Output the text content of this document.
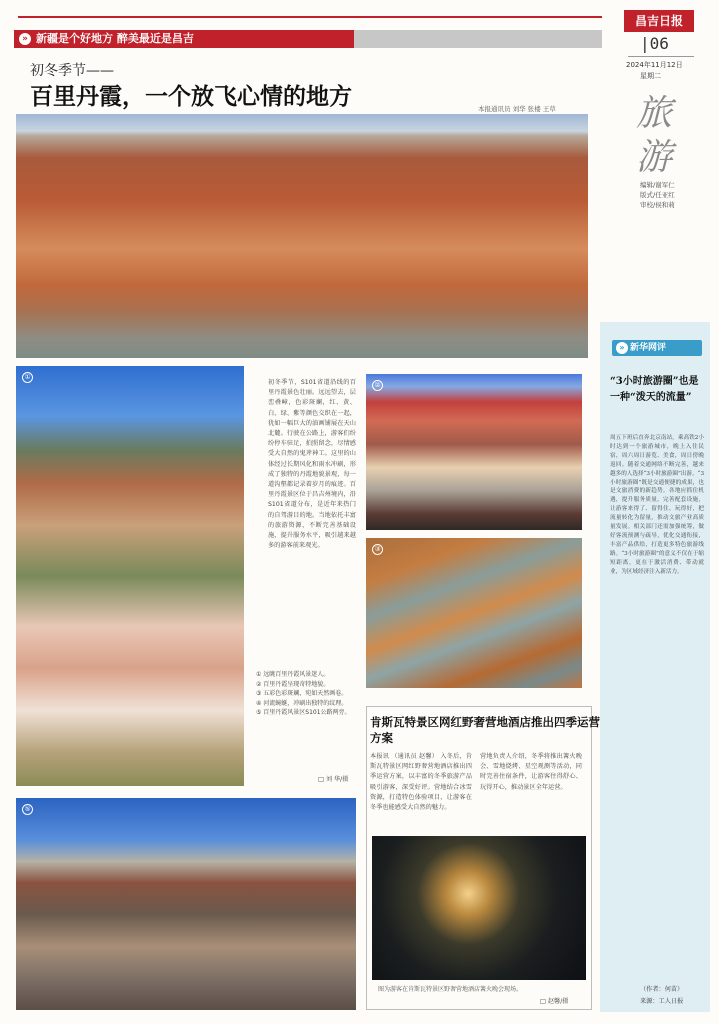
» 新疆是个好地方 醉美最近是昌吉
昌吉日报
|06
2024年11月12日
星期二
旅游
编辑/谢军仁
版式/任亚红
审校/侯和莉
初冬季节——
百里丹霞，一个放飞心情的地方	本报通讯员 刘华 张楼 王草
①
②
③
⑤
初冬季节，S101省道沿线的百里丹霞景色壮丽。远远望去，层峦叠嶂，色彩斑斓，红、黄、白、绿、紫等颜色交织在一起，犹如一幅巨大的油画铺展在天山北麓。行驶在公路上，游客们纷纷停车驻足，拍照留念，尽情感受大自然的鬼斧神工。这里的山体经过长期风化和雨水冲刷，形成了独特的丹霞地貌景观，每一道沟壑都记录着岁月的痕迹。百里丹霞景区位于昌吉州境内，沿S101省道分布，是近年来热门的自驾游目的地。当地依托丰富的旅游资源，不断完善基础设施，提升服务水平，吸引越来越多的游客前来观光。
① 远眺百里丹霞风景迷人。
② 百里丹霞呈现奇特地貌。
③ 五彩色彩斑斓，宛如天然画卷。
④ 河流蜿蜒，冲刷出独特的纹理。
⑤ 百里丹霞风景区S101公路两旁。
□ 刘 华/摄
肯斯瓦特景区网红野奢营地酒店推出四季运营方案
本报讯 （通讯员 赵馨） 入冬后，肯斯瓦特景区网红野奢营地酒店推出四季运营方案，以丰富的冬季旅游产品吸引游客，深受好评。营地结合冰雪资源，打造特色体验项目，让游客在冬季也能感受大自然的魅力。
营地负责人介绍，冬季将推出篝火晚会、雪地烧烤、星空观测等活动，同时完善住宿条件，让游客住得舒心、玩得开心，推动景区全年运营。
图为游客在肯斯瓦特景区野奢营地酒店篝火晚会现场。
□ 赵馨/摄
» 新华网评
“3小时旅游圈”也是一种“泼天的流量”
周五下班后直奔北京南站，乘高铁2小时达到一个旅游城市，晚上入住民宿，周六周日游览、美食，周日傍晚返回。随着交通网络不断完善，越来越多的人选择“3小时旅游圈”出游。“3小时旅游圈”既是交通便捷的成果，也是文旅消费的新趋势。各地应抓住机遇，提升服务质量，完善配套设施，让游客来得了、留得住、玩得好，把流量转化为留量，推动文旅产业高质量发展。相关部门还需加强统筹，做好客流预测与疏导，优化交通衔接，丰富产品供给，打造更多特色旅游线路。“3小时旅游圈”的意义不仅在于缩短距离，更在于激活消费、带动就业，为区域经济注入新活力。
（作者：何苗）
来源：工人日报
